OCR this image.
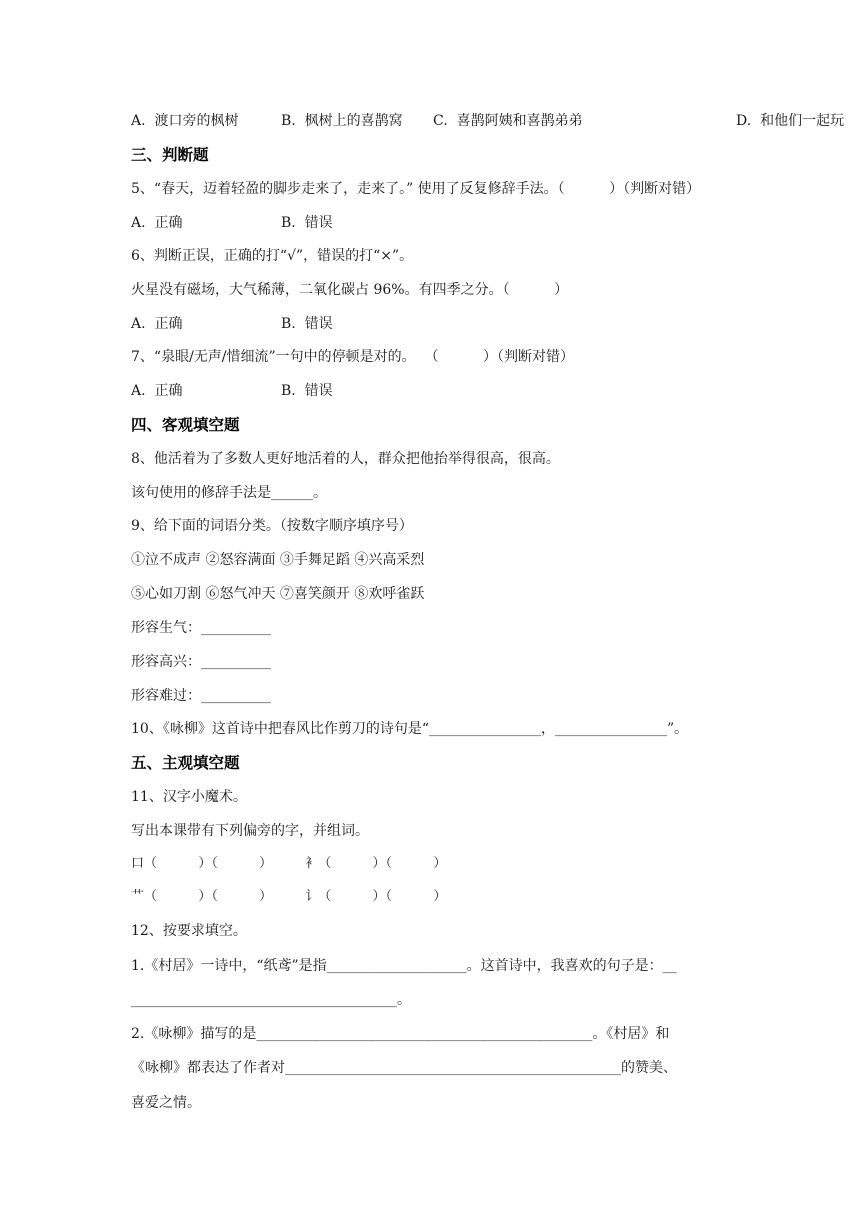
A.  渡口旁的枫树	B.  枫树上的喜鹊窝 C.  喜鹊阿姨和喜鹊弟弟	D.  和他们一起玩
三、判断题
5、“春天，迈着轻盈的脚步走来了，走来了。” 使用了反复修辞手法。（          ）（判断对错）
A.  正确	B.  错误
6、判断正误，正确的打“√”，错误的打“×”。
火星没有磁场，大气稀薄，二氧化碳占 96%。有四季之分。（          ）
A.  正确	B.  错误
7、“泉眼/无声/惜细流”一句中的停顿是对的。  （          ）（判断对错）
A.  正确	B.  错误
四、客观填空题
8、他活着为了多数人更好地活着的人，群众把他抬举得很高，很高。
该句使用的修辞手法是______。
9、给下面的词语分类。（按数字顺序填序号）
①泣不成声 ②怒容满面 ③手舞足蹈 ④兴高采烈
⑤心如刀割 ⑥怒气冲天 ⑦喜笑颜开 ⑧欢呼雀跃
形容生气：__________
形容高兴：__________
形容难过：__________
10、《咏柳》这首诗中把春风比作剪刀的诗句是“________________，________________”。
五、主观填空题
11、汉字小魔术。
写出本课带有下列偏旁的字，并组词。
口（          ）（          ）        衤（          ）（          ）
艹（          ）（          ）        讠（          ）（          ）
12、按要求填空。
1.《村居》一诗中，“纸鸢”是指____________________。这首诗中，我喜欢的句子是：__
______________________________________。
2.《咏柳》描写的是________________________________________________。《村居》和
《咏柳》都表达了作者对________________________________________________的赞美、
喜爱之情。
